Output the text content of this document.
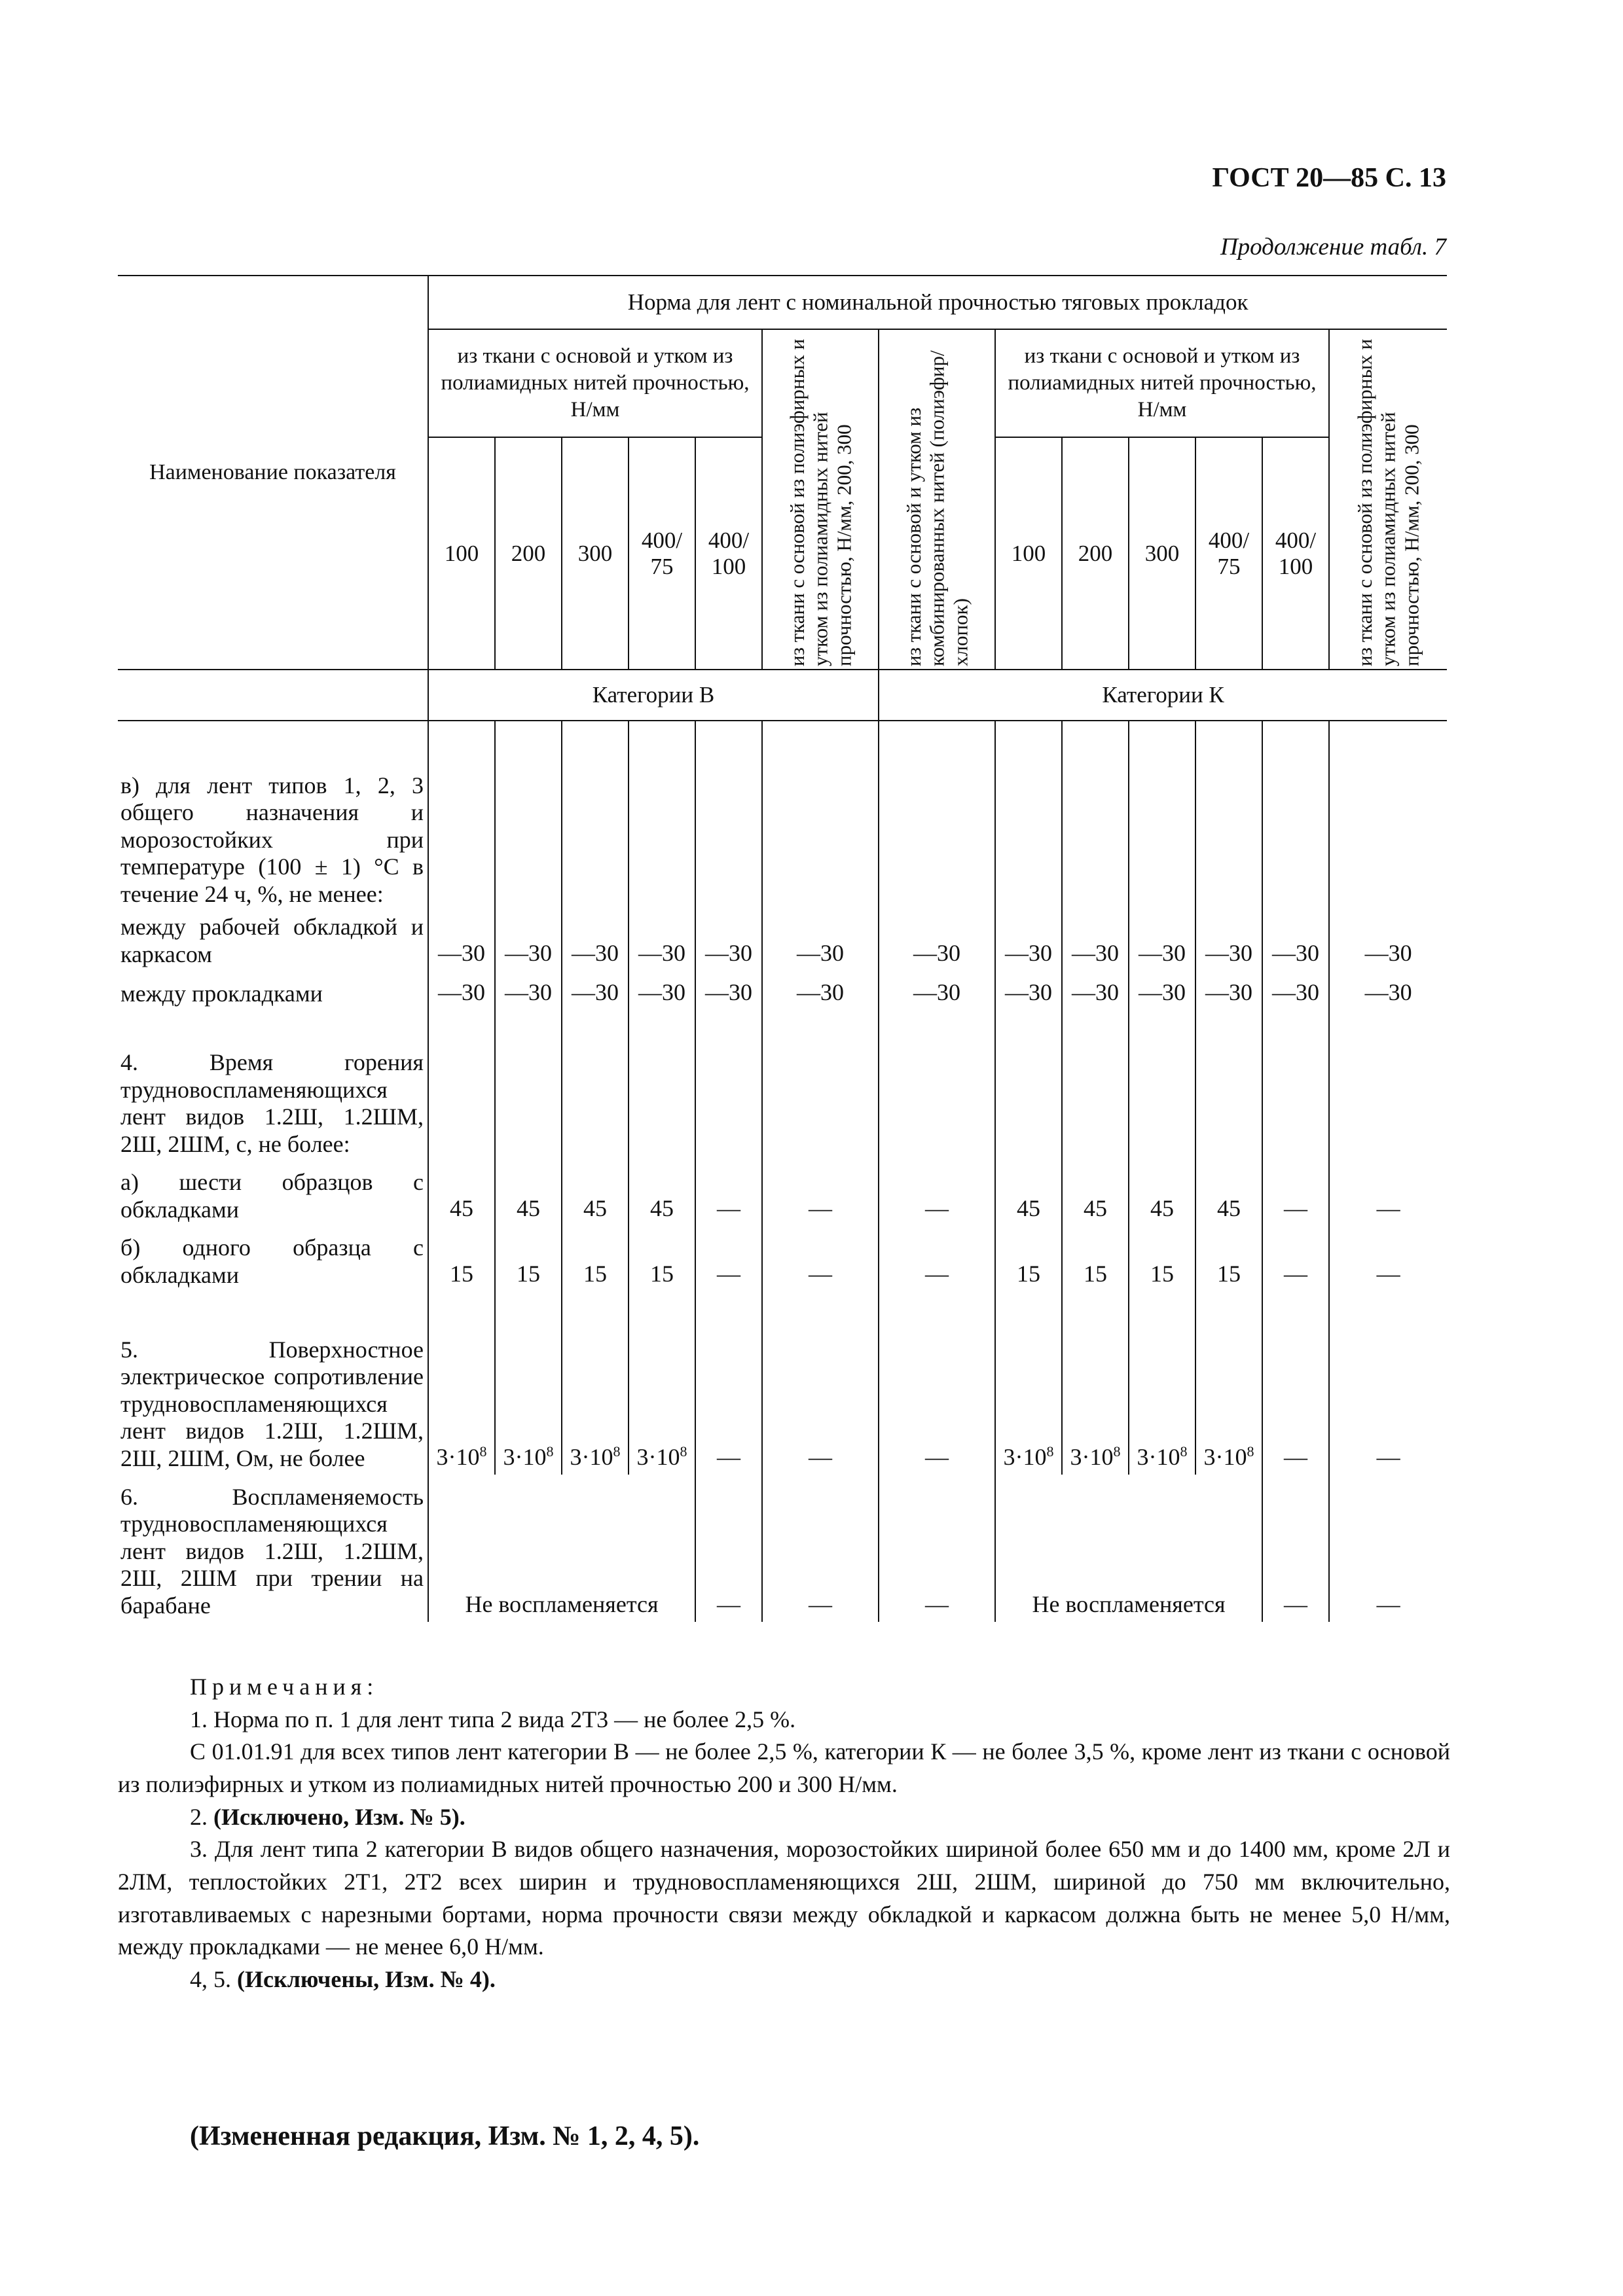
ГОСТ 20—85 С. 13
Продолжение табл. 7
Наименование показателя	Норма для лент с номинальной прочностью тяговых прокладок												
	из ткани с основой и утком из полиамидных нитей прочностью, Н/мм					из ткани с основой из полиэфирных и утком из полиамидных нитей прочностью, Н/мм, 200, 300	из ткани с основой и утком из комбинированных нитей (полиэфир/хлопок)	из ткани с основой и утком из полиамидных нитей прочностью, Н/мм					из ткани с основой из полиэфирных и утком из полиамидных нитей прочностью, Н/мм, 200, 300

	100	200	300	400/ 75	400/ 100			100	200	300	400/ 75	400/ 100	
	Категории В						Категории К						
в) для лент типов 1, 2, 3 общего назначения и морозостойких при температуре (100 ± 1) °С в течение 24 ч, %, не менее:													
между рабочей обкладкой и каркасом	—30	—30	—30	—30	—30	—30	—30	—30	—30	—30	—30	—30	—30
между прокладками	—30	—30	—30	—30	—30	—30	—30	—30	—30	—30	—30	—30	—30
4. Время горения трудновоспламеняющихся лент видов 1.2Ш, 1.2ШМ, 2Ш, 2ШМ, с, не более:													
а) шести образцов с обкладками	45	45	45	45	—	—	—	45	45	45	45	—	—
б) одного образца с обкладками	15	15	15	15	—	—	—	15	15	15	15	—	—
5. Поверхностное электрическое сопротивление трудновоспламеняющихся лент видов 1.2Ш, 1.2ШМ, 2Ш, 2ШМ, Ом, не более	$3\cdot 10^8$	$3\cdot 10^8$	$3\cdot 10^8$	$3\cdot 10^8$	—	—	—	$3\cdot 10^8$	$3\cdot 10^8$	$3\cdot 10^8$	$3\cdot 10^8$	—	—
6. Воспламеняемость трудновоспламеняющихся лент видов 1.2Ш, 1.2ШМ, 2Ш, 2ШМ при трении на барабане	Не воспламеняется				—	—	—	Не воспламеняется				—	—

Примечания:

1. Норма по п. 1 для лент типа 2 вида 2Т3 — не более 2,5 %.

С 01.01.91 для всех типов лент категории В — не более 2,5 %, категории К — не более 3,5 %, кроме лент из ткани с основой из полиэфирных и утком из полиамидных нитей прочностью 200 и 300 Н/мм.

2. (Исключено, Изм. № 5).

3. Для лент типа 2 категории В видов общего назначения, морозостойких шириной более 650 мм и до 1400 мм, кроме 2Л и 2ЛМ, теплостойких 2Т1, 2Т2 всех ширин и трудновоспламеняющихся 2Ш, 2ШМ, шириной до 750 мм включительно, изготавливаемых с нарезными бортами, норма прочности связи между обкладкой и каркасом должна быть не менее 5,0 Н/мм, между прокладками — не менее 6,0 Н/мм.

4, 5. (Исключены, Изм. № 4).

(Измененная редакция, Изм. № 1, 2, 4, 5).
